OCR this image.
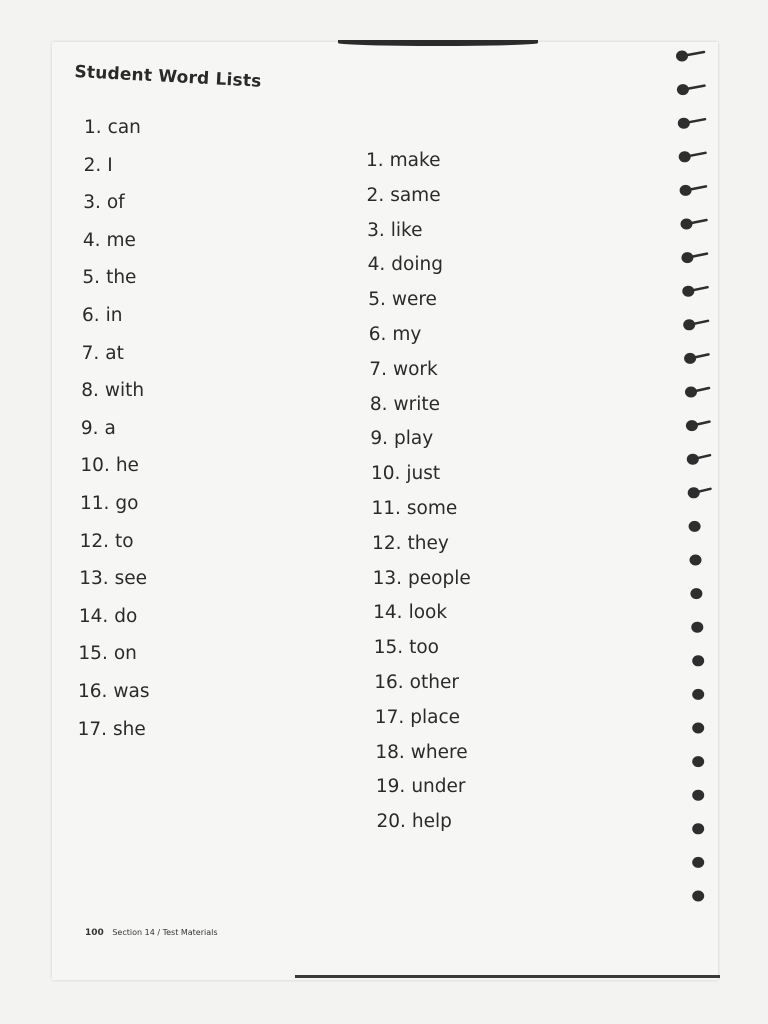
Student Word Lists
1. can
2. I
3. of
4. me
5. the
6. in
7. at
8. with
9. a
10. he
11. go
12. to
13. see
14. do
15. on
16. was
17. she
1. make
2. same
3. like
4. doing
5. were
6. my
7. work
8. write
9. play
10. just
11. some
12. they
13. people
14. look
15. too
16. other
17. place
18. where
19. under
20. help
100 Section 14 / Test Materials
